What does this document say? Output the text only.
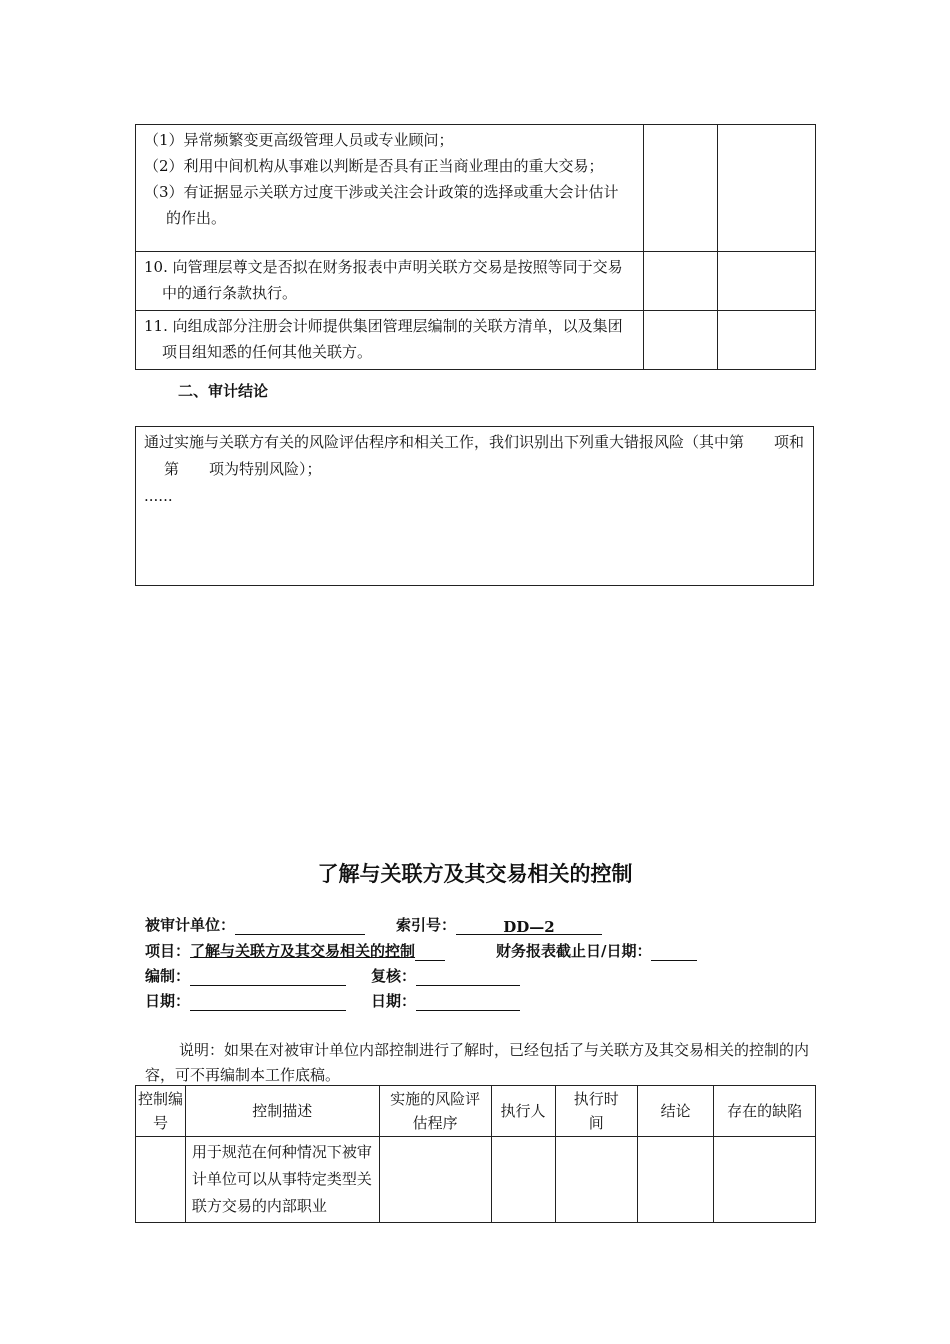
（1）异常频繁变更高级管理人员或专业顾问；
（2）利用中间机构从事难以判断是否具有正当商业理由的重大交易；
（3）有证据显示关联方过度干涉或关注会计政策的选择或重大会计估计的作出。		

10. 向管理层尊文是否拟在财务报表中声明关联方交易是按照等同于交易中的通行条款执行。		

11. 向组成部分注册会计师提供集团管理层编制的关联方清单，以及集团项目组知悉的任何其他关联方。		

二、审计结论
通过实施与关联方有关的风险评估程序和相关工作，我们识别出下列重大错报风险（其中第　　项和第　　项为特别风险）；
......
了解与关联方及其交易相关的控制
被审计单位：	索引号：	DD—2
项目：了解与关联方及其交易相关的控制	财务报表截止日/日期：
编制：	复核：
日期：	日期：
说明：如果在对被审计单位内部控制进行了解时，已经包括了与关联方及其交易相关的控制的内容，可不再编制本工作底稿。
控制编号	控制描述	实施的风险评估程序	执行人	执行时间	结论	存在的缺陷
	用于规范在何种情况下被审计单位可以从事特定类型关联方交易的内部职业					
